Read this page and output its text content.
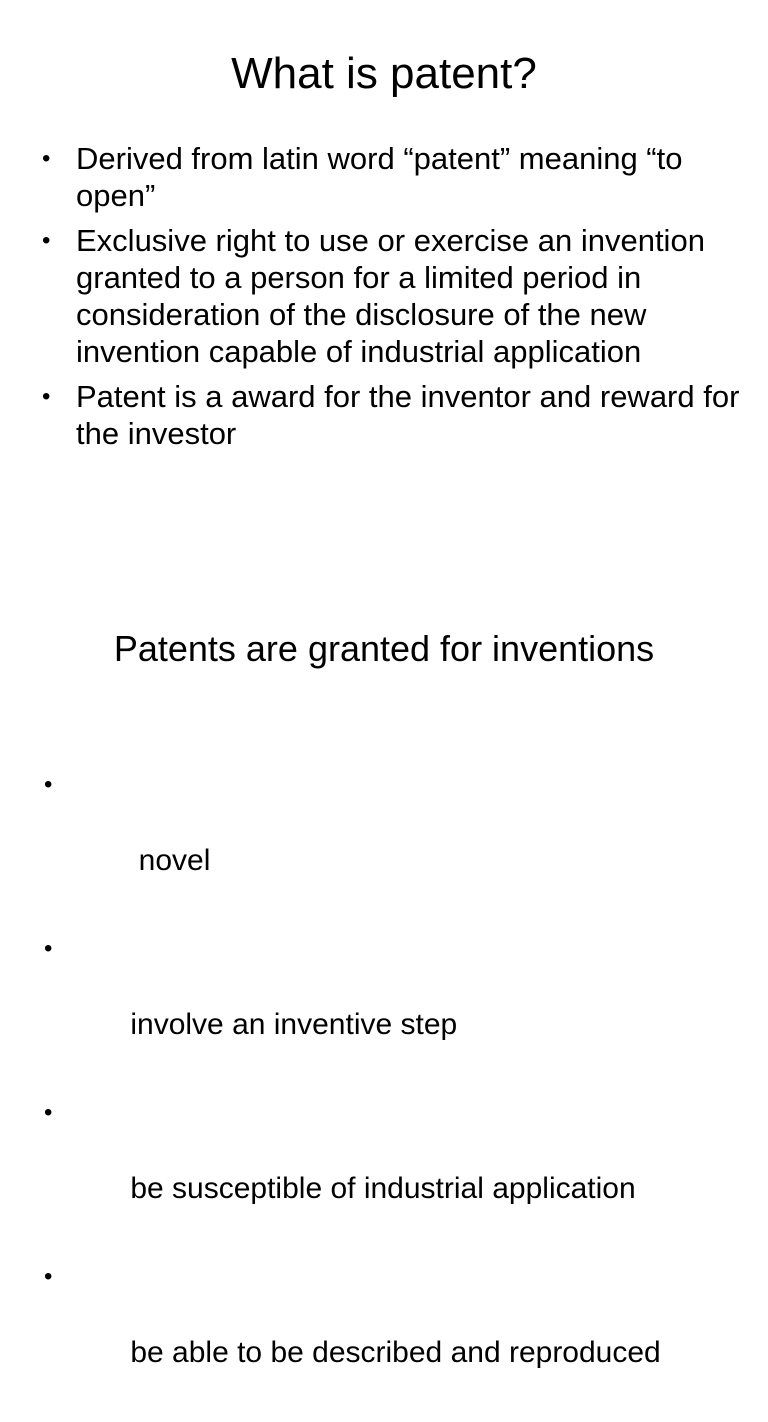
What is patent?
• Derived from latin word “patent” meaning “to open”
• Exclusive right to use or exercise an invention granted to a person for a limited period in consideration of the disclosure of the new invention capable of industrial application
• Patent is a award for the inventor and reward for the investor
Patents are granted for inventions

•

novel

•

involve an inventive step

•

be susceptible of industrial application

•

be able to be described and reproduced
